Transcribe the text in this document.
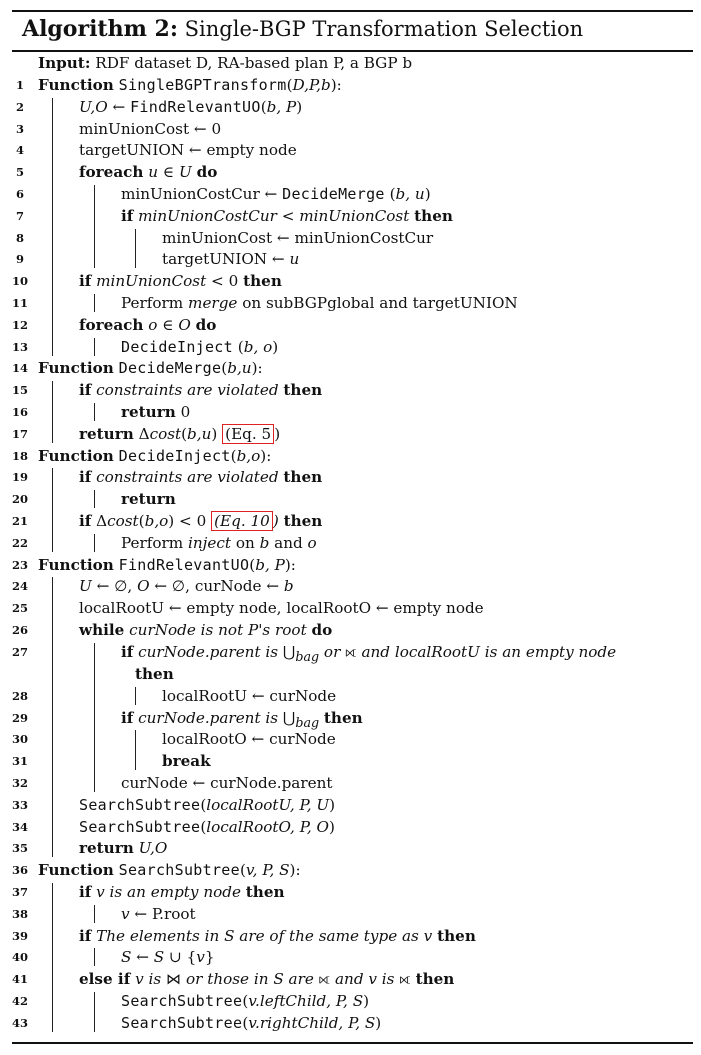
Algorithm 2: Single-BGP Transformation Selection
Input: RDF dataset D, RA-based plan P, a BGP b
1 Function SingleBGPTransform(D,P,b):
2	U,O ← FindRelevantUO(b, P)
3	minUnionCost ← 0
4	targetUNION ← empty node
5	foreach u ∈ U do
6	minUnionCostCur ← DecideMerge (b, u)
7	if minUnionCostCur < minUnionCost then
8	minUnionCost ← minUnionCostCur
9	targetUNION ← u
10	if minUnionCost < 0 then
11	Perform merge on subBGPglobal and targetUNION
12	foreach o ∈ O do
13	DecideInject (b, o)
14 Function DecideMerge(b,u):
15	if constraints are violated then
16	return 0
17	return Δcost(b,u) (Eq. 5 )
18 Function DecideInject(b,o):
19	if constraints are violated then
20	return
21	if Δcost(b,o) < 0 (Eq. 10 ) then
22	Perform inject on b and o
23 Function FindRelevantUO(b, P):
24	U ← ∅, O ← ∅, curNode ← b
25	localRootU ← empty node, localRootO ← empty node
26	while curNode is not P's root do
27	if curNode.parent is $⋃_{bag}$ or ⟖ and localRootU is an empty node
28	localRootU ← curNode
29	if curNode.parent is $⋃_{bag}$ then
30	localRootO ← curNode
31	break
32	curNode ← curNode.parent
33	SearchSubtree(localRootU, P, U)
34	SearchSubtree(localRootO, P, O)
35	return U,O
36 Function SearchSubtree(v, P, S):
37	if v is an empty node then
38	v ← P.root
39	if The elements in S are of the same type as v then
40	S ← S ∪ {v}
41	else if v is ⋈ or those in S are ⟖ and v is ⟖ then
42	SearchSubtree(v.leftChild, P, S)
43	SearchSubtree(v.rightChild, P, S)
then
